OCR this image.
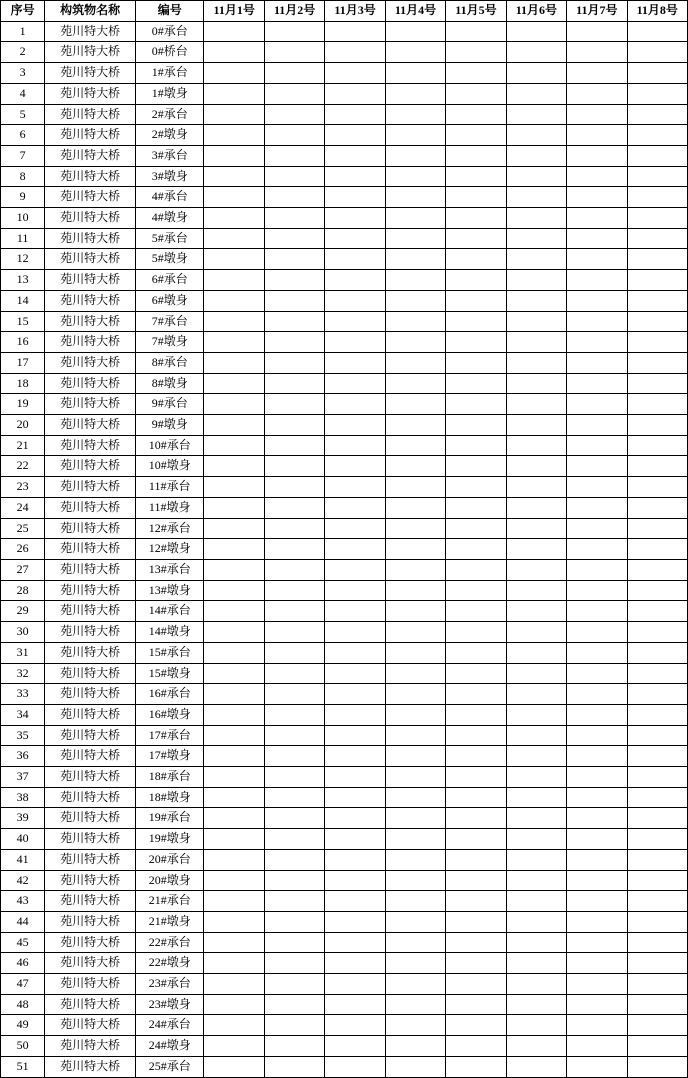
序号	构筑物名称	编号	11月1号	11月2号	11月3号	11月4号	11月5号	11月6号	11月7号	11月8号
1	苑川特大桥	0#承台								
2	苑川特大桥	0#桥台								
3	苑川特大桥	1#承台								
4	苑川特大桥	1#墩身								
5	苑川特大桥	2#承台								
6	苑川特大桥	2#墩身								
7	苑川特大桥	3#承台								
8	苑川特大桥	3#墩身								
9	苑川特大桥	4#承台								
10	苑川特大桥	4#墩身								
11	苑川特大桥	5#承台								
12	苑川特大桥	5#墩身								
13	苑川特大桥	6#承台								
14	苑川特大桥	6#墩身								
15	苑川特大桥	7#承台								
16	苑川特大桥	7#墩身								
17	苑川特大桥	8#承台								
18	苑川特大桥	8#墩身								
19	苑川特大桥	9#承台								
20	苑川特大桥	9#墩身								
21	苑川特大桥	10#承台								
22	苑川特大桥	10#墩身								
23	苑川特大桥	11#承台								
24	苑川特大桥	11#墩身								
25	苑川特大桥	12#承台								
26	苑川特大桥	12#墩身								
27	苑川特大桥	13#承台								
28	苑川特大桥	13#墩身								
29	苑川特大桥	14#承台								
30	苑川特大桥	14#墩身								
31	苑川特大桥	15#承台								
32	苑川特大桥	15#墩身								
33	苑川特大桥	16#承台								
34	苑川特大桥	16#墩身								
35	苑川特大桥	17#承台								
36	苑川特大桥	17#墩身								
37	苑川特大桥	18#承台								
38	苑川特大桥	18#墩身								
39	苑川特大桥	19#承台								
40	苑川特大桥	19#墩身								
41	苑川特大桥	20#承台								
42	苑川特大桥	20#墩身								
43	苑川特大桥	21#承台								
44	苑川特大桥	21#墩身								
45	苑川特大桥	22#承台								
46	苑川特大桥	22#墩身								
47	苑川特大桥	23#承台								
48	苑川特大桥	23#墩身								
49	苑川特大桥	24#承台								
50	苑川特大桥	24#墩身								
51	苑川特大桥	25#承台								
